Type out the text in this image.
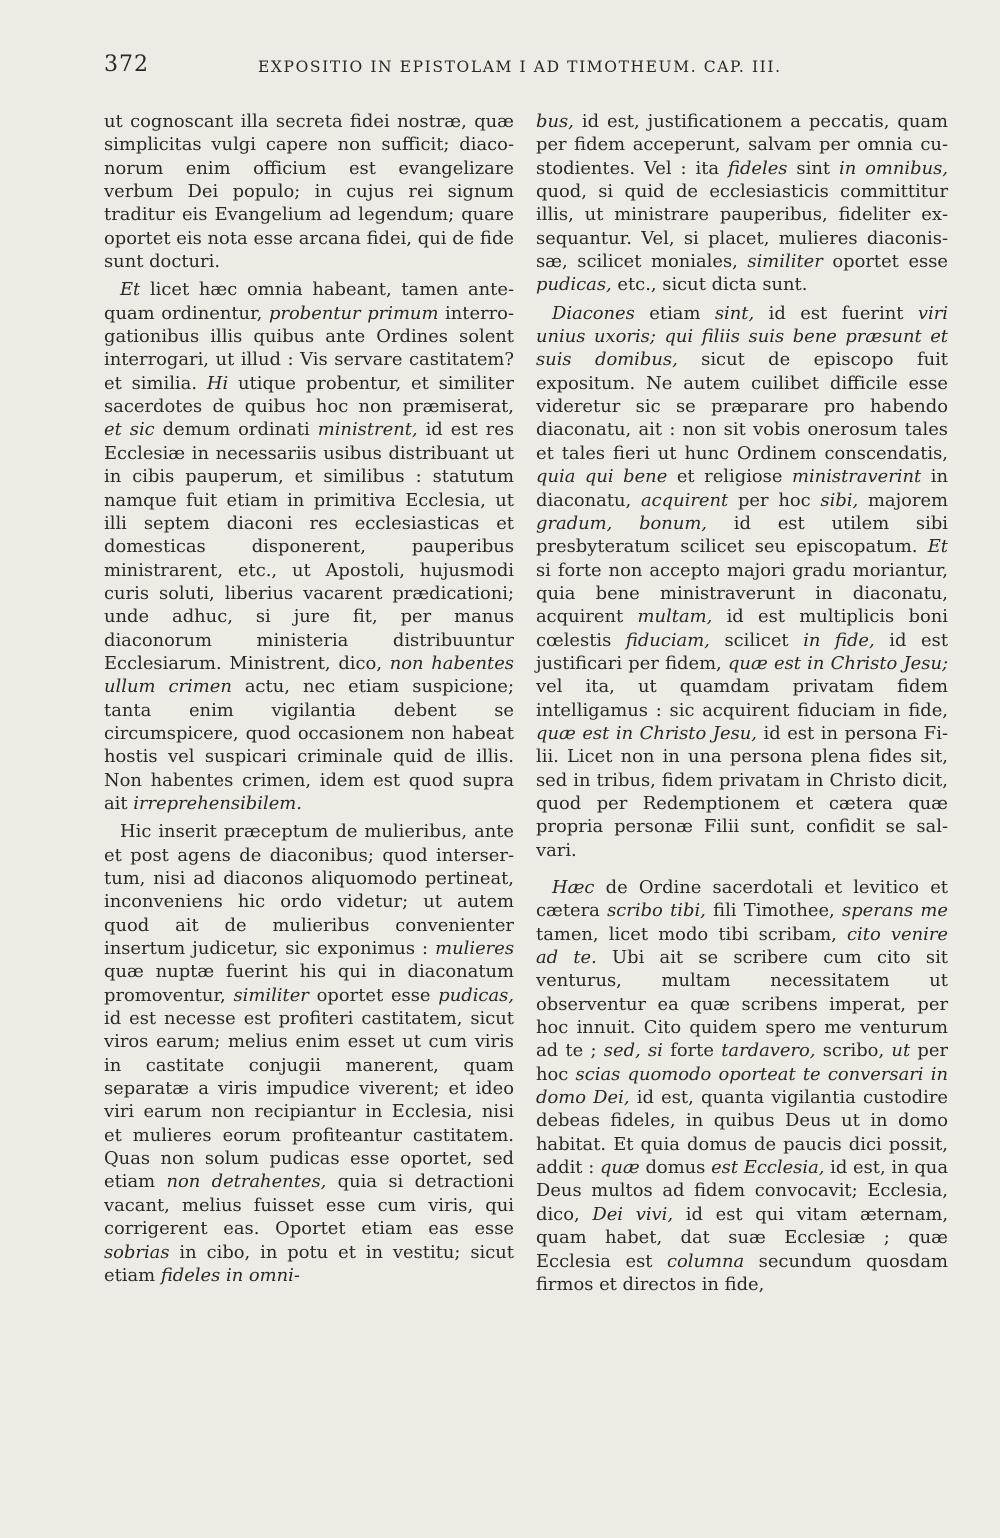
372	EXPOSITIO IN EPISTOLAM I AD TIMOTHEUM. CAP. III.

ut cognoscant illa secreta fidei nostræ, quæ simplicitas vulgi capere non sufficit; diaconorum enim officium est evangelizare verbum Dei populo; in cujus rei signum traditur eis Evangelium ad legendum; quare oportet eis nota esse arcana fidei, qui de fide sunt docturi.

Et licet hæc omnia habeant, tamen antequam ordinentur, probentur primum interrogationibus illis quibus ante Ordines solent interrogari, ut illud : Vis servare castitatem? et similia. Hi utique probentur, et similiter sacerdotes de quibus hoc non præmiserat, et sic demum ordinati ministrent, id est res Ecclesiæ in necessariis usibus distribuant ut in cibis pauperum, et similibus : statutum namque fuit etiam in primitiva Ecclesia, ut illi septem diaconi res ecclesiasticas et domesticas disponerent, pauperibus ministrarent, etc., ut Apostoli, hujusmodi curis soluti, liberius vacarent prædicationi; unde adhuc, si jure fit, per manus diaconorum ministeria distribuuntur Ecclesiarum. Ministrent, dico, non habentes ullum crimen actu, nec etiam suspicione; tanta enim vigilantia debent se circumspicere, quod occasionem non habeat hostis vel suspicari criminale quid de illis. Non habentes crimen, idem est quod supra ait irreprehensibilem.

Hic inserit præceptum de mulieribus, ante et post agens de diaconibus; quod intersertum, nisi ad diaconos aliquomodo pertineat, inconveniens hic ordo videtur; ut autem quod ait de mulieribus convenienter insertum judicetur, sic exponimus : mulieres quæ nuptæ fuerint his qui in diaconatum promoventur, similiter oportet esse pudicas, id est necesse est profiteri castitatem, sicut viros earum; melius enim esset ut cum viris in castitate conjugii manerent, quam separatæ a viris impudice viverent; et ideo viri earum non recipiantur in Ecclesia, nisi et mulieres eorum profiteantur castitatem. Quas non solum pudicas esse oportet, sed etiam non detrahentes, quia si detractioni vacant, melius fuisset esse cum viris, qui corrigerent eas. Oportet etiam eas esse sobrias in cibo, in potu et in vestitu; sicut etiam fideles in omni-

bus, id est, justificationem a peccatis, quam per fidem acceperunt, salvam per omnia custodientes. Vel : ita fideles sint in omnibus, quod, si quid de ecclesiasticis committitur illis, ut ministrare pauperibus, fideliter exsequantur. Vel, si placet, mulieres diaconissæ, scilicet moniales, similiter oportet esse pudicas, etc., sicut dicta sunt.

Diacones etiam sint, id est fuerint viri unius uxoris; qui filiis suis bene præsunt et suis domibus, sicut de episcopo fuit expositum. Ne autem cuilibet difficile esse videretur sic se præparare pro habendo diaconatu, ait : non sit vobis onerosum tales et tales fieri ut hunc Ordinem conscendatis, quia qui bene et religiose ministraverint in diaconatu, acquirent per hoc sibi, majorem gradum, bonum, id est utilem sibi presbyteratum scilicet seu episcopatum. Et si forte non accepto majori gradu moriantur, quia bene ministraverunt in diaconatu, acquirent multam, id est multiplicis boni cœlestis fiduciam, scilicet in fide, id est justificari per fidem, quæ est in Christo Jesu; vel ita, ut quamdam privatam fidem intelligamus : sic acquirent fiduciam in fide, quæ est in Christo Jesu, id est in persona Filii. Licet non in una persona plena fides sit, sed in tribus, fidem privatam in Christo dicit, quod per Redemptionem et cætera quæ propria personæ Filii sunt, confidit se salvari.

Hæc de Ordine sacerdotali et levitico et cætera scribo tibi, fili Timothee, sperans me tamen, licet modo tibi scribam, cito venire ad te. Ubi ait se scribere cum cito sit venturus, multam necessitatem ut observentur ea quæ scribens imperat, per hoc innuit. Cito quidem spero me venturum ad te ; sed, si forte tardavero, scribo, ut per hoc scias quomodo oporteat te conversari in domo Dei, id est, quanta vigilantia custodire debeas fideles, in quibus Deus ut in domo habitat. Et quia domus de paucis dici possit, addit : quæ domus est Ecclesia, id est, in qua Deus multos ad fidem convocavit; Ecclesia, dico, Dei vivi, id est qui vitam æternam, quam habet, dat suæ Ecclesiæ ; quæ Ecclesia est columna secundum quosdam firmos et directos in fide,
